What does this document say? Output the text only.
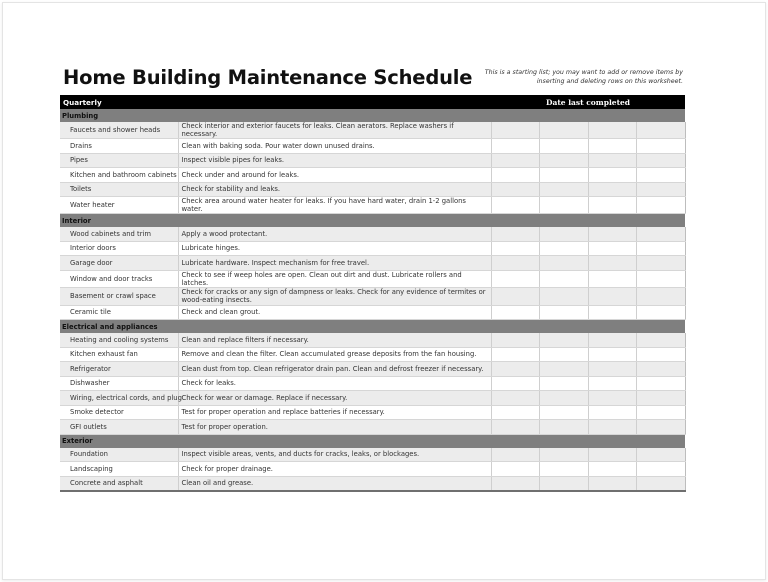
Home Building Maintenance Schedule	This is a starting list; you may want to add or remove items by inserting and deleting rows on this worksheet.
Quarterly		Date last completed			
Plumbing					
Faucets and shower heads	Check interior and exterior faucets for leaks. Clean aerators. Replace washers if necessary.				
Drains	Clean with baking soda. Pour water down unused drains.				
Pipes	Inspect visible pipes for leaks.				
Kitchen and bathroom cabinets	Check under and around for leaks.				
Toilets	Check for stability and leaks.				
Water heater	Check area around water heater for leaks. If you have hard water, drain 1-2 gallons water.				
Interior					
Wood cabinets and trim	Apply a wood protectant.				
Interior doors	Lubricate hinges.				
Garage door	Lubricate hardware. Inspect mechanism for free travel.				
Window and door tracks	Check to see if weep holes are open. Clean out dirt and dust. Lubricate rollers and latches.				
Basement or crawl space	Check for cracks or any sign of dampness or leaks. Check for any evidence of termites or wood-eating insects.				
Ceramic tile	Check and clean grout.				
Electrical and appliances					
Heating and cooling systems	Clean and replace filters if necessary.				
Kitchen exhaust fan	Remove and clean the filter. Clean accumulated grease deposits from the fan housing.				
Refrigerator	Clean dust from top. Clean refrigerator drain pan. Clean and defrost freezer if necessary.				
Dishwasher	Check for leaks.				
Wiring, electrical cords, and plug	Check for wear or damage. Replace if necessary.				
Smoke detector	Test for proper operation and replace batteries if necessary.				
GFI outlets	Test for proper operation.				
Exterior					
Foundation	Inspect visible areas, vents, and ducts for cracks, leaks, or blockages.				
Landscaping	Check for proper drainage.				
Concrete and asphalt	Clean oil and grease.				
